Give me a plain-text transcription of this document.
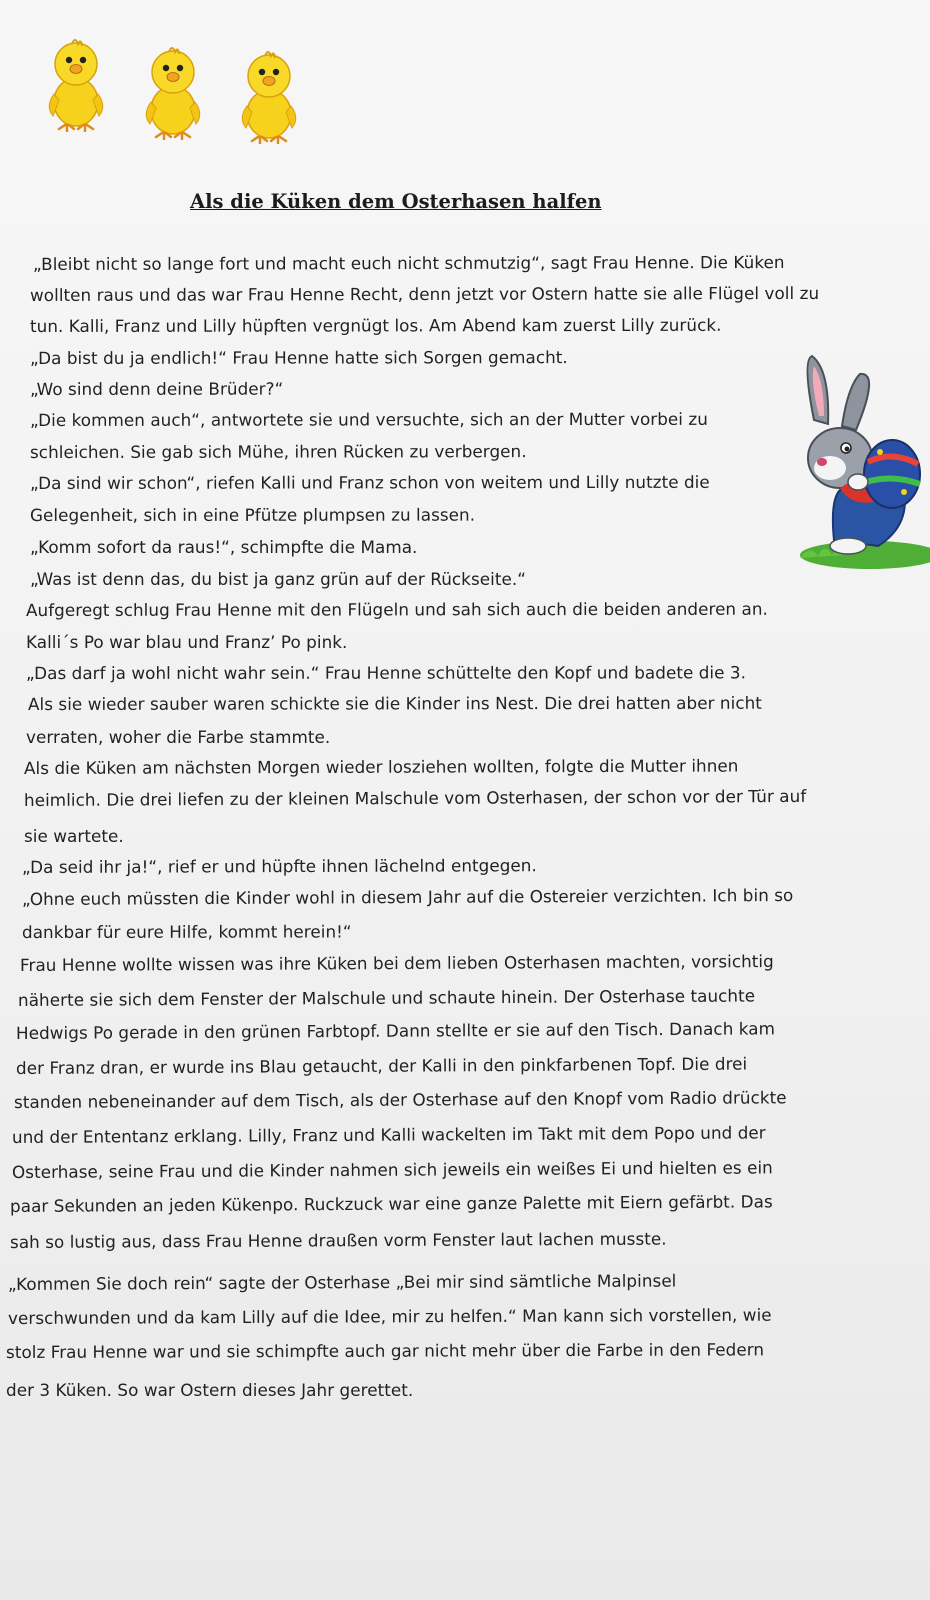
Als die Küken dem Osterhasen halfen
„Bleibt nicht so lange fort und macht euch nicht schmutzig“, sagt Frau Henne. Die Küken
wollten raus und das war Frau Henne Recht, denn jetzt vor Ostern hatte sie alle Flügel voll zu
tun. Kalli, Franz und Lilly hüpften vergnügt los. Am Abend kam zuerst Lilly zurück.
„Da bist du ja endlich!“ Frau Henne hatte sich Sorgen gemacht.
„Wo sind denn deine Brüder?“
„Die kommen auch“, antwortete sie und versuchte, sich an der Mutter vorbei zu
schleichen. Sie gab sich Mühe, ihren Rücken zu verbergen.
„Da sind wir schon“, riefen Kalli und Franz schon von weitem und Lilly nutzte die
Gelegenheit, sich in eine Pfütze plumpsen zu lassen.
„Komm sofort da raus!“, schimpfte die Mama.
„Was ist denn das, du bist ja ganz grün auf der Rückseite.“
Aufgeregt schlug Frau Henne mit den Flügeln und sah sich auch die beiden anderen an.
Kalli´s Po war blau und Franz’ Po pink.
„Das darf ja wohl nicht wahr sein.“ Frau Henne schüttelte den Kopf und badete die 3.
Als sie wieder sauber waren schickte sie die Kinder ins Nest. Die drei hatten aber nicht
verraten, woher die Farbe stammte.
Als die Küken am nächsten Morgen wieder losziehen wollten, folgte die Mutter ihnen
heimlich. Die drei liefen zu der kleinen Malschule vom Osterhasen, der schon vor der Tür auf
sie wartete.
„Da seid ihr ja!“, rief er und hüpfte ihnen lächelnd entgegen.
„Ohne euch müssten die Kinder wohl in diesem Jahr auf die Ostereier verzichten. Ich bin so
dankbar für eure Hilfe, kommt herein!“
Frau Henne wollte wissen was ihre Küken bei dem lieben Osterhasen machten, vorsichtig
näherte sie sich dem Fenster der Malschule und schaute hinein. Der Osterhase tauchte
Hedwigs Po gerade in den grünen Farbtopf. Dann stellte er sie auf den Tisch. Danach kam
der Franz dran, er wurde ins Blau getaucht, der Kalli in den pinkfarbenen Topf. Die drei
standen nebeneinander auf dem Tisch, als der Osterhase auf den Knopf vom Radio drückte
und der Ententanz erklang. Lilly, Franz und Kalli wackelten im Takt mit dem Popo und der
Osterhase, seine Frau und die Kinder nahmen sich jeweils ein weißes Ei und hielten es ein
paar Sekunden an jeden Kükenpo. Ruckzuck war eine ganze Palette mit Eiern gefärbt. Das
sah so lustig aus, dass Frau Henne draußen vorm Fenster laut lachen musste.
„Kommen Sie doch rein“ sagte der Osterhase „Bei mir sind sämtliche Malpinsel
verschwunden und da kam Lilly auf die Idee, mir zu helfen.“ Man kann sich vorstellen, wie
stolz Frau Henne war und sie schimpfte auch gar nicht mehr über die Farbe in den Federn
der 3 Küken. So war Ostern dieses Jahr gerettet.
